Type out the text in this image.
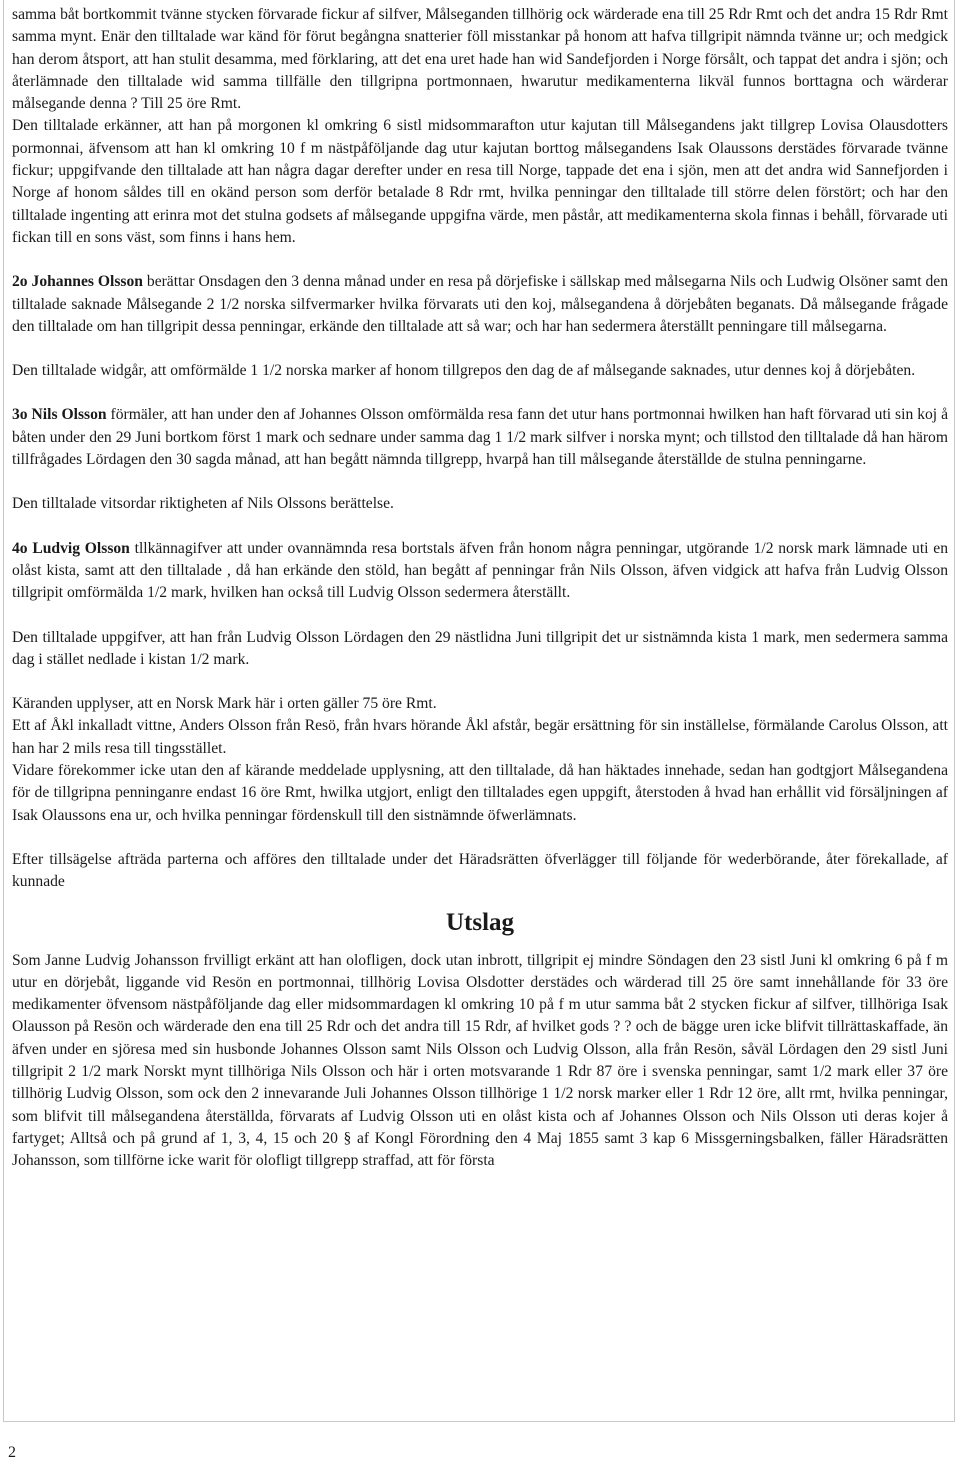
samma båt bortkommit tvänne stycken förvarade fickur af silfver, Målseganden tillhörig ock wärderade ena till 25 Rdr Rmt och det andra 15 Rdr Rmt samma mynt. Enär den tilltalade war känd för förut begångna snatterier föll misstankar på honom att hafva tillgripit nämnda tvänne ur; och medgick han derom åtsport, att han stulit desamma, med förklaring, att det ena uret hade han wid Sandefjorden i Norge försålt, och tappat det andra i sjön; och återlämnade den tilltalade wid samma tillfälle den tillgripna portmonnaen, hwarutur medikamenterna likväl funnos borttagna och wärderar målsegande denna ? Till 25 öre Rmt.

Den tilltalade erkänner, att han på morgonen kl omkring 6 sistl midsommarafton utur kajutan till Målsegandens jakt tillgrep Lovisa Olausdotters pormonnai, äfvensom att han kl omkring 10 f m nästpåföljande dag utur kajutan borttog målsegandens Isak Olaussons derstädes förvarade tvänne fickur; uppgifvande den tilltalade att han några dagar derefter under en resa till Norge, tappade det ena i sjön, men att det andra wid Sannefjorden i Norge af honom såldes till en okänd person som derför betalade 8 Rdr rmt, hvilka penningar den tilltalade till större delen förstört; och har den tilltalade ingenting att erinra mot det stulna godsets af målsegande uppgifna värde, men påstår, att medikamenterna skola finnas i behåll, förvarade uti fickan till en sons väst, som finns i hans hem.

2o Johannes Olsson berättar Onsdagen den 3 denna månad under en resa på dörjefiske i sällskap med målsegarna Nils och Ludwig Olsöner samt den tilltalade saknade Målsegande 2 1/2 norska silfvermarker hvilka förvarats uti den koj, målsegandena å dörjebåten beganats. Då målsegande frågade den tilltalade om han tillgripit dessa penningar, erkände den tilltalade att så war; och har han sedermera återställt penningare till målsegarna.

Den tilltalade widgår, att omförmälde 1 1/2 norska marker af honom tillgrepos den dag de af målsegande saknades, utur dennes koj å dörjebåten.

3o Nils Olsson förmäler, att han under den af Johannes Olsson omförmälda resa fann det utur hans portmonnai hwilken han haft förvarad uti sin koj å båten under den 29 Juni bortkom först 1 mark och sednare under samma dag 1 1/2 mark silfver i norska mynt; och tillstod den tilltalade då han härom tillfrågades Lördagen den 30 sagda månad, att han begått nämnda tillgrepp, hvarpå han till målsegande återställde de stulna penningarne.

Den tilltalade vitsordar riktigheten af Nils Olssons berättelse.

4o Ludvig Olsson tllkännagifver att under ovannämnda resa bortstals äfven från honom några penningar, utgörande 1/2 norsk mark lämnade uti en olåst kista, samt att den tilltalade , då han erkände den stöld, han begått af penningar från Nils Olsson, äfven vidgick att hafva från Ludvig Olsson tillgripit omförmälda 1/2 mark, hvilken han också till Ludvig Olsson sedermera återställt.

Den tilltalade uppgifver, att han från Ludvig Olsson Lördagen den 29 nästlidna Juni tillgripit det ur sistnämnda kista 1 mark, men sedermera samma dag i stället nedlade i kistan 1/2 mark.

Käranden upplyser, att en Norsk Mark här i orten gäller 75 öre Rmt.

Ett af Åkl inkalladt vittne, Anders Olsson från Resö, från hvars hörande Åkl afstår, begär ersättning för sin inställelse, förmälande Carolus Olsson, att han har 2 mils resa till tingsstället.

Vidare förekommer icke utan den af kärande meddelade upplysning, att den tilltalade, då han häktades innehade, sedan han godtgjort Målsegandena för de tillgripna penninganre endast 16 öre Rmt, hwilka utgjort, enligt den tilltalades egen uppgift, återstoden å hvad han erhållit vid försäljningen af Isak Olaussons ena ur, och hvilka penningar fördenskull till den sistnämnde öfwerlämnats.

Efter tillsägelse afträda parterna och afföres den tilltalade under det Häradsrätten öfverlägger till följande för wederbörande, åter förekallade, af kunnade

Utslag

Som Janne Ludvig Johansson frvilligt erkänt att han olofligen, dock utan inbrott, tillgripit ej mindre Söndagen den 23 sistl Juni kl omkring 6 på f m utur en dörjebåt, liggande vid Resön en portmonnai, tillhörig Lovisa Olsdotter derstädes och wärderad till 25 öre samt innehållande för 33 öre medikamenter öfvensom nästpåföljande dag eller midsommardagen kl omkring 10 på f m utur samma båt 2 stycken fickur af silfver, tillhöriga Isak Olausson på Resön och wärderade den ena till 25 Rdr och det andra till 15 Rdr, af hvilket gods ? ? och de bägge uren icke blifvit tillrättaskaffade, än äfven under en sjöresa med sin husbonde Johannes Olsson samt Nils Olsson och Ludvig Olsson, alla från Resön, såväl Lördagen den 29 sistl Juni tillgripit 2 1/2 mark Norskt mynt tillhöriga Nils Olsson och här i orten motsvarande 1 Rdr 87 öre i svenska penningar, samt 1/2 mark eller 37 öre tillhörig Ludvig Olsson, som ock den 2 innevarande Juli Johannes Olsson tillhörige 1 1/2 norsk marker eller 1 Rdr 12 öre, allt rmt, hvilka penningar, som blifvit till målsegandena återställda, förvarats af Ludvig Olsson uti en olåst kista och af Johannes Olsson och Nils Olsson uti deras kojer å fartyget; Alltså och på grund af 1, 3, 4, 15 och 20 § af Kongl Förordning den 4 Maj 1855 samt 3 kap 6 Missgerningsbalken, fäller Häradsrätten Johansson, som tillförne icke warit för olofligt tillgrepp straffad, att för första

2
